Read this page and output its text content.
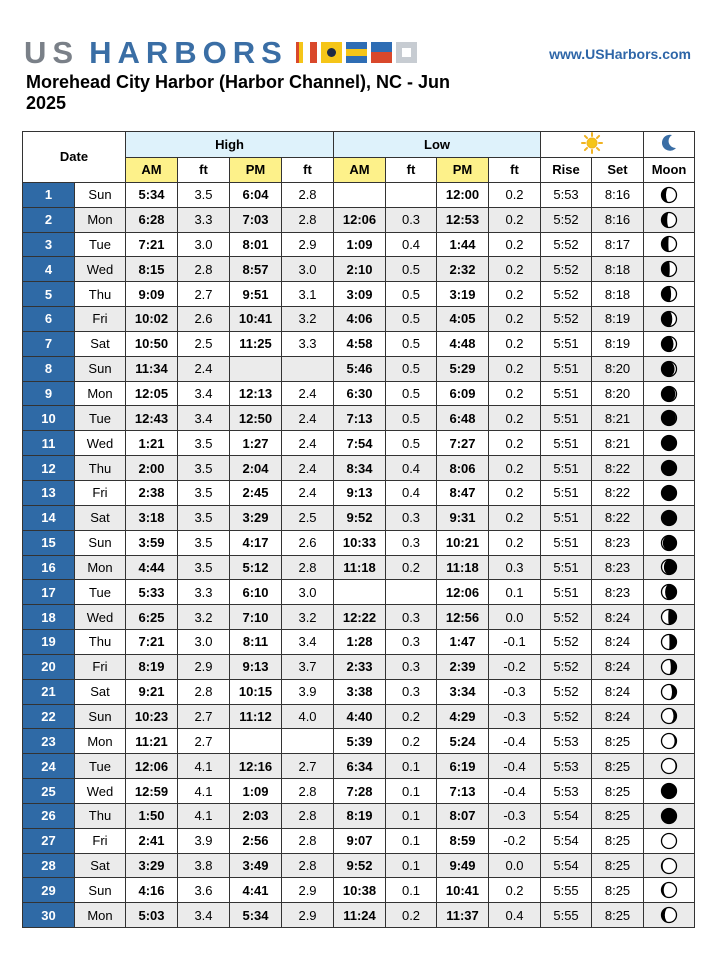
US HARBORS	www.USHarbors.com
Morehead City Harbor (Harbor Channel), NC - Jun 2025
Date		High				Low		
		AM	ft	PM	ft	AM	ft	PM	ft	Rise	Set	Moon
1	Sun	5:34	3.5	6:04	2.8			12:00	0.2	5:53	8:16	

2	Mon	6:28	3.3	7:03	2.8	12:06	0.3	12:53	0.2	5:52	8:16	

3	Tue	7:21	3.0	8:01	2.9	1:09	0.4	1:44	0.2	5:52	8:17	

4	Wed	8:15	2.8	8:57	3.0	2:10	0.5	2:32	0.2	5:52	8:18	

5	Thu	9:09	2.7	9:51	3.1	3:09	0.5	3:19	0.2	5:52	8:18	

6	Fri	10:02	2.6	10:41	3.2	4:06	0.5	4:05	0.2	5:52	8:19	

7	Sat	10:50	2.5	11:25	3.3	4:58	0.5	4:48	0.2	5:51	8:19	

8	Sun	11:34	2.4			5:46	0.5	5:29	0.2	5:51	8:20	

9	Mon	12:05	3.4	12:13	2.4	6:30	0.5	6:09	0.2	5:51	8:20	

10	Tue	12:43	3.4	12:50	2.4	7:13	0.5	6:48	0.2	5:51	8:21	

11	Wed	1:21	3.5	1:27	2.4	7:54	0.5	7:27	0.2	5:51	8:21	

12	Thu	2:00	3.5	2:04	2.4	8:34	0.4	8:06	0.2	5:51	8:22	

13	Fri	2:38	3.5	2:45	2.4	9:13	0.4	8:47	0.2	5:51	8:22	

14	Sat	3:18	3.5	3:29	2.5	9:52	0.3	9:31	0.2	5:51	8:22	

15	Sun	3:59	3.5	4:17	2.6	10:33	0.3	10:21	0.2	5:51	8:23	

16	Mon	4:44	3.5	5:12	2.8	11:18	0.2	11:18	0.3	5:51	8:23	

17	Tue	5:33	3.3	6:10	3.0			12:06	0.1	5:51	8:23	

18	Wed	6:25	3.2	7:10	3.2	12:22	0.3	12:56	0.0	5:52	8:24	

19	Thu	7:21	3.0	8:11	3.4	1:28	0.3	1:47	-0.1	5:52	8:24	

20	Fri	8:19	2.9	9:13	3.7	2:33	0.3	2:39	-0.2	5:52	8:24	

21	Sat	9:21	2.8	10:15	3.9	3:38	0.3	3:34	-0.3	5:52	8:24	

22	Sun	10:23	2.7	11:12	4.0	4:40	0.2	4:29	-0.3	5:52	8:24	

23	Mon	11:21	2.7			5:39	0.2	5:24	-0.4	5:53	8:25	

24	Tue	12:06	4.1	12:16	2.7	6:34	0.1	6:19	-0.4	5:53	8:25	

25	Wed	12:59	4.1	1:09	2.8	7:28	0.1	7:13	-0.4	5:53	8:25	

26	Thu	1:50	4.1	2:03	2.8	8:19	0.1	8:07	-0.3	5:54	8:25	

27	Fri	2:41	3.9	2:56	2.8	9:07	0.1	8:59	-0.2	5:54	8:25	

28	Sat	3:29	3.8	3:49	2.8	9:52	0.1	9:49	0.0	5:54	8:25	

29	Sun	4:16	3.6	4:41	2.9	10:38	0.1	10:41	0.2	5:55	8:25	

30	Mon	5:03	3.4	5:34	2.9	11:24	0.2	11:37	0.4	5:55	8:25	
